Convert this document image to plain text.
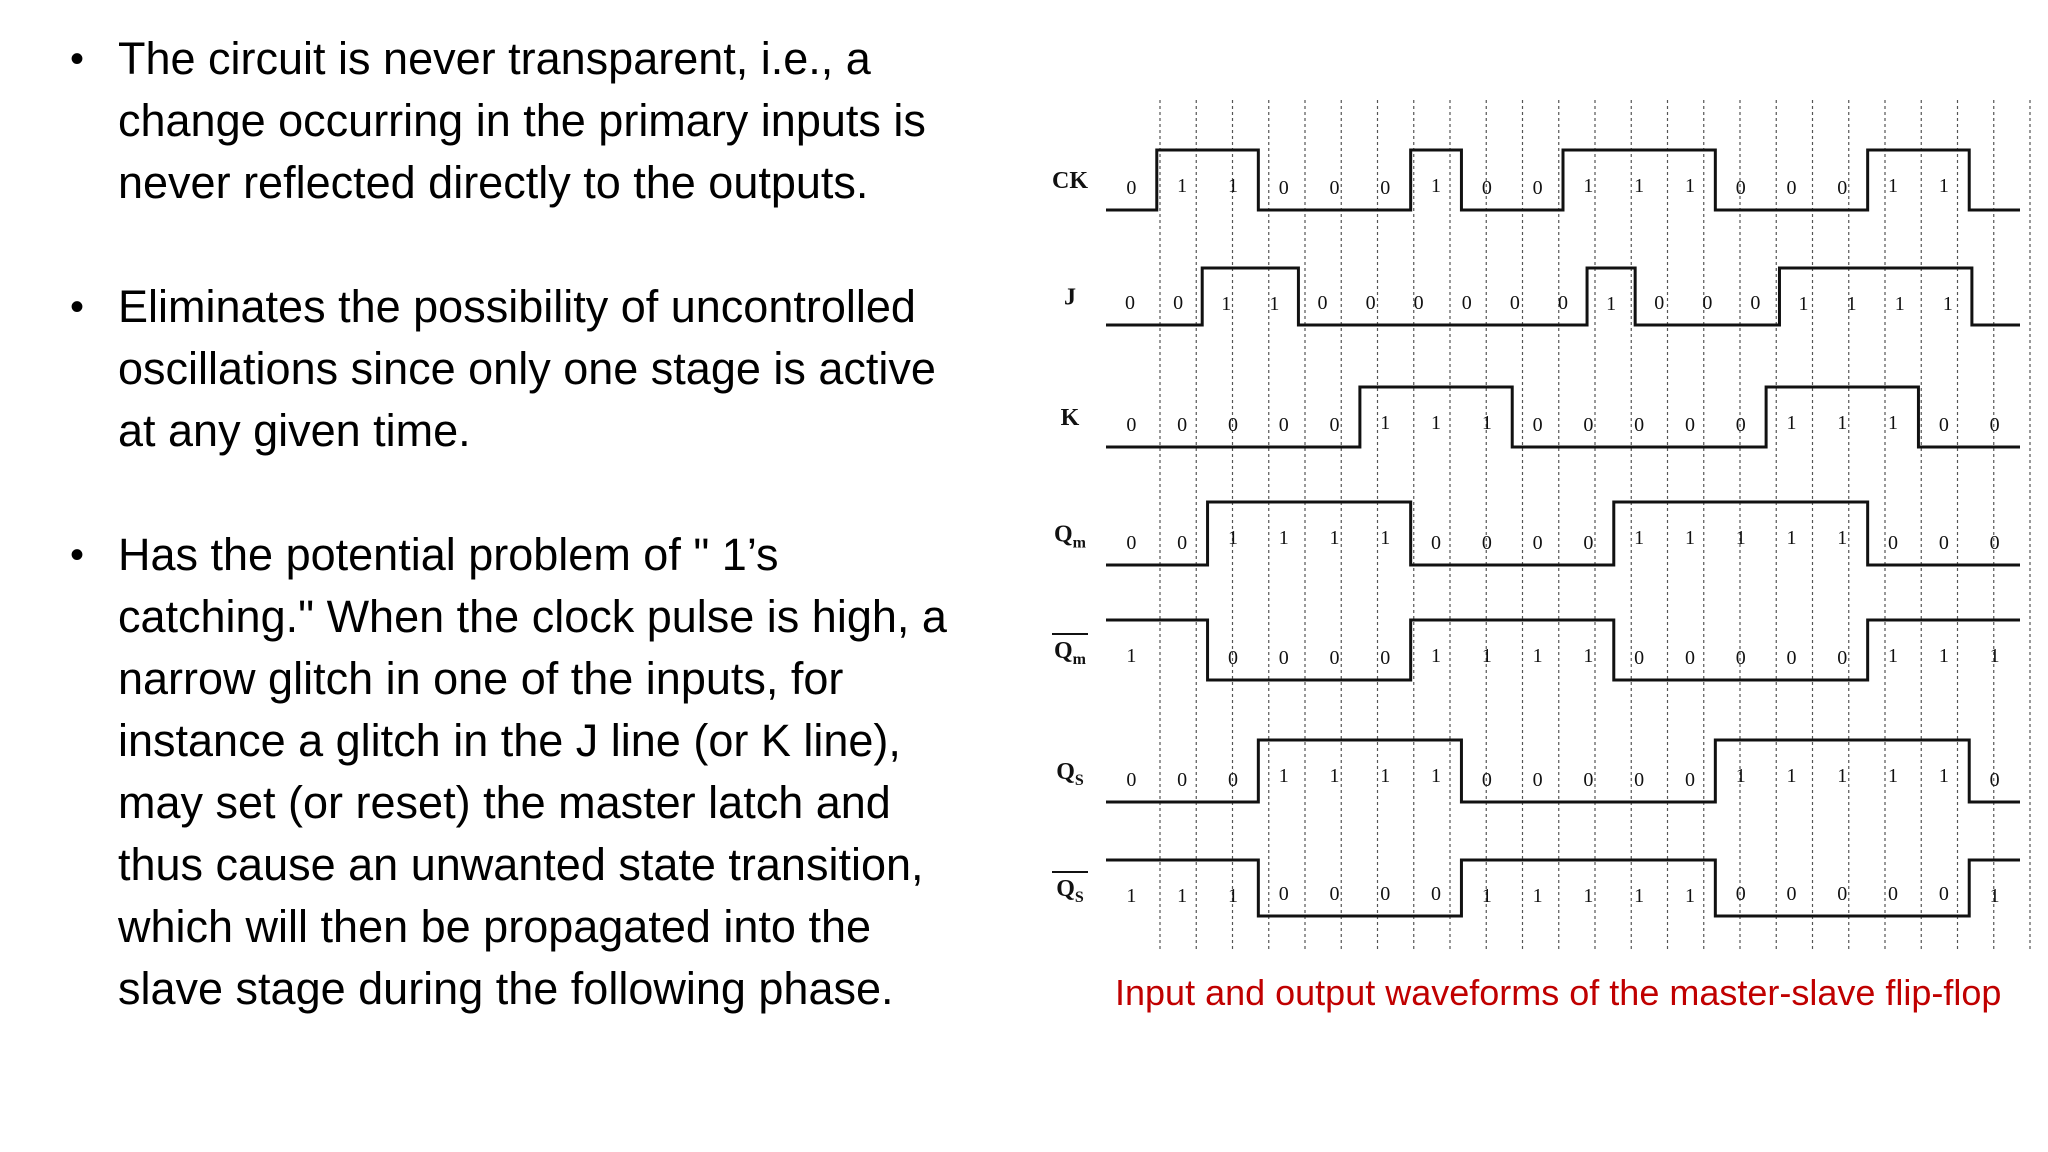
• The circuit is never transparent, i.e., a change occurring in the primary inputs is never reflected directly to the outputs.
• Eliminates the possibility of uncontrolled oscillations since only one stage is active at any given time.
• Has the potential problem of " 1’s catching." When the clock pulse is high, a narrow glitch in one of the inputs, for instance a glitch in the J line (or K line), may set (or reset) the master latch and thus cause an unwanted state transition, which will then be propagated into the slave stage during the following phase.
0 1 1 0 0 0 1 0 0 1 1 1 0 0 0 1 1
CK
0 0 1 1 0 0 0 0 0 0 1 0 0 0 1 1 1 1
J
0 0 0 0 0 1 1 1 0 0 0 0 0 1 1 1 0 0
K
0 0 1 1 1 1 0 0 0 0 1 1 1 1 1 0 0 0
$Q_m$
1	0 0 0 0 1 1 1 1 0 0 0 0 0 1 1 1
$Q_m$
0 0 0 1 1 1 1 0 0 0 0 0 1 1 1 1 1 0
$Q_S$
1 1 1 0 0 0 0 1 1 1 1 1 0 0 0 0 0 1
$Q_S$
Input and output waveforms of the master-slave flip-flop
